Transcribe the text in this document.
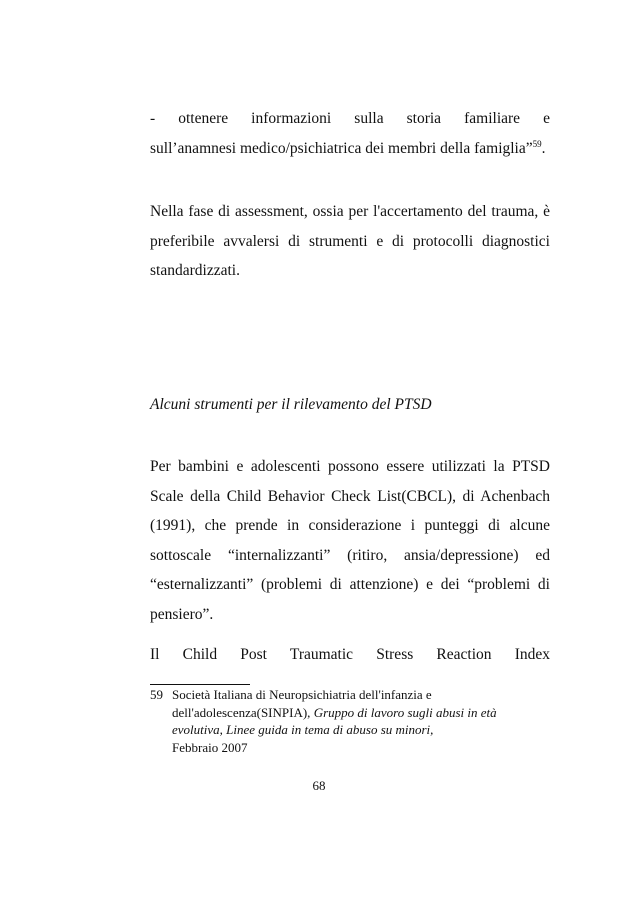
- ottenere informazioni sulla storia familiare e

sull’anamnesi medico/psichiatrica dei membri della famiglia”$^{59}$.

Nella fase di assessment, ossia per l'accertamento del trauma, è preferibile avvalersi di strumenti e di protocolli diagnostici standardizzati.

Alcuni strumenti per il rilevamento del PTSD

Per bambini e adolescenti possono essere utilizzati la PTSD Scale della Child Behavior Check List(CBCL), di Achenbach (1991), che prende in considerazione i punteggi di alcune sottoscale “internalizzanti” (ritiro, ansia/depressione) ed “esternalizzanti” (problemi di attenzione) e dei “problemi di pensiero”.

Il Child Post Traumatic Stress Reaction Index

59 Società Italiana di Neuropsichiatria dell'infanzia e dell'adolescenza(SINPIA), Gruppo di lavoro sugli abusi in età evolutiva, Linee guida in tema di abuso su minori,
Febbraio 2007
68
